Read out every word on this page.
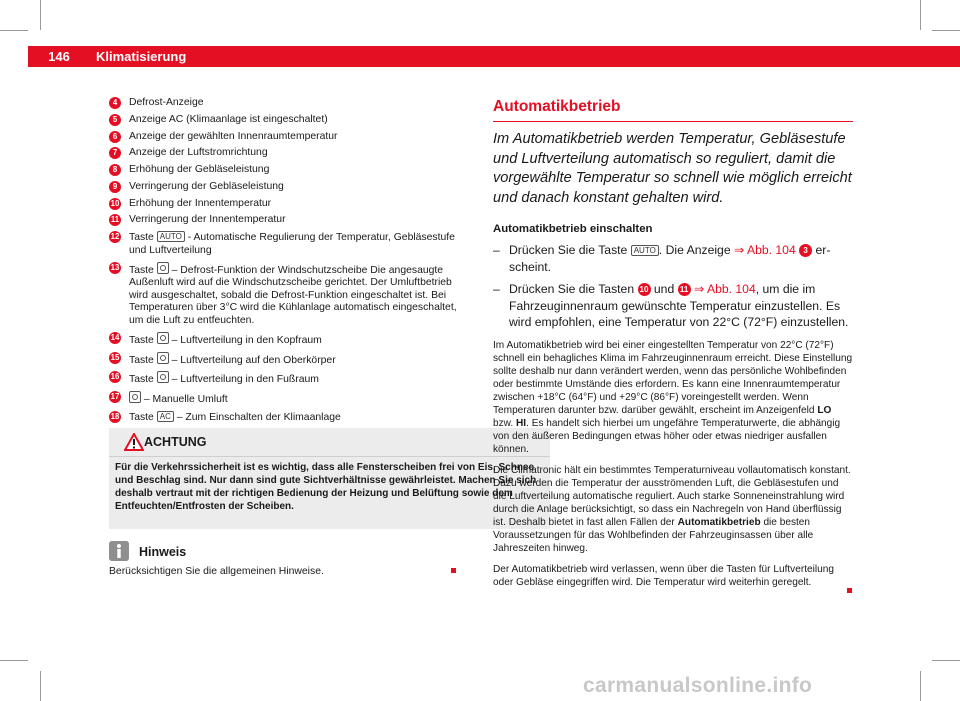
146	Klimatisierung
4	Defrost-Anzeige
5	Anzeige AC (Klimaanlage ist eingeschaltet)
6	Anzeige der gewählten Innenraumtemperatur
7	Anzeige der Luftstromrichtung
8	Erhöhung der Gebläseleistung
9	Verringerung der Gebläseleistung
10 Erhöhung der Innentemperatur
11 Verringerung der Innentemperatur
12 Taste AUTO - Automatische Regulierung der Temperatur, Gebläsestufe und Luftverteilung
13 Taste – Defrost-Funktion der Windschutzscheibe Die angesaugte Außenluft wird auf die Windschutzscheibe gerichtet. Der Umluftbetrieb wird ausgeschaltet, sobald die Defrost-Funktion eingeschaltet ist. Bei Temperaturen über 3°C wird die Kühlanlage automatisch eingeschaltet, um die Luft zu entfeuchten.
14 Taste – Luftverteilung in den Kopfraum
15 Taste – Luftverteilung auf den Oberkörper
16 Taste – Luftverteilung in den Fußraum
17 – Manuelle Umluft
18 Taste AC – Zum Einschalten der Klimaanlage
ACHTUNG
Für die Verkehrssicherheit ist es wichtig, dass alle Fensterscheiben frei von Eis, Schnee und Beschlag sind. Nur dann sind gute Sichtverhältnisse gewährleistet. Machen Sie sich deshalb vertraut mit der richtigen Bedienung der Heizung und Belüftung sowie dem Entfeuchten/Entfrosten der Scheiben.
Hinweis
Berücksichtigen Sie die allgemeinen Hinweise.
Automatikbetrieb

Im Automatikbetrieb werden Temperatur, Gebläsestufe und Luftverteilung automatisch so reguliert, damit die vorgewählte Temperatur so schnell wie möglich erreicht und danach konstant gehalten wird.

Automatikbetrieb einschalten

– Drücken Sie die Taste AUTO . Die Anzeige ⇒ Abb. 104 3 er-scheint.
– Drücken Sie die Tasten 10 und 11 ⇒ Abb. 104, um die im Fahrzeuginnenraum gewünschte Temperatur einzustellen. Es wird empfohlen, eine Temperatur von 22°C (72°F) einzustellen.

Im Automatikbetrieb wird bei einer eingestellten Temperatur von 22°C (72°F) schnell ein behagliches Klima im Fahrzeuginnenraum erreicht. Diese Einstellung sollte deshalb nur dann verändert werden, wenn das persönliche Wohlbefinden oder bestimmte Umstände dies erfordern. Es kann eine Innenraumtemperatur zwischen +18°C (64°F) und +29°C (86°F) voreingestellt werden. Wenn Temperaturen darunter bzw. darüber gewählt, erscheint im Anzeigenfeld LO bzw. HI. Es handelt sich hierbei um ungefähre Temperaturwerte, die abhängig von den äußeren Bedingungen etwas höher oder etwas niedriger ausfallen können.

Die Climatronic hält ein bestimmtes Temperaturniveau vollautomatisch konstant. Dazu werden die Temperatur der ausströmenden Luft, die Gebläsestufen und die Luftverteilung automatische reguliert. Auch starke Sonneneinstrahlung wird durch die Anlage berücksichtigt, so dass ein Nachregeln von Hand überflüssig ist. Deshalb bietet in fast allen Fällen der Automatikbetrieb die besten Voraussetzungen für das Wohlbefinden der Fahrzeuginsassen über alle Jahreszeiten hinweg.

Der Automatikbetrieb wird verlassen, wenn über die Tasten für Luftverteilung oder Gebläse eingegriffen wird. Die Temperatur wird weiterhin geregelt.

carmanualsonline.info
